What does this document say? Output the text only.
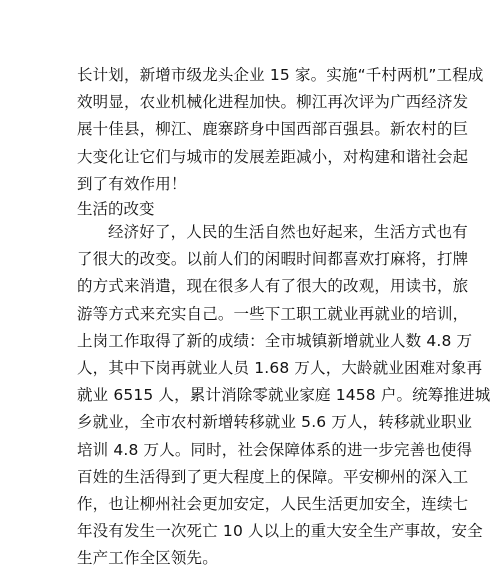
长计划，新增市级龙头企业 15 家。实施“千村两机”工程成
效明显，农业机械化进程加快。柳江再次评为广西经济发
展十佳县，柳江、鹿寨跻身中国西部百强县。新农村的巨
大变化让它们与城市的发展差距减小，对构建和谐社会起
到了有效作用！
生活的改变
经济好了，人民的生活自然也好起来，生活方式也有
了很大的改变。以前人们的闲暇时间都喜欢打麻将，打牌
的方式来消遣，现在很多人有了很大的改观，用读书，旅
游等方式来充实自己。一些下工职工就业再就业的培训，
上岗工作取得了新的成绩：全市城镇新增就业人数 4.8 万
人，其中下岗再就业人员 1.68 万人，大龄就业困难对象再
就业 6515 人，累计消除零就业家庭 1458 户。统筹推进城
乡就业，全市农村新增转移就业 5.6 万人，转移就业职业
培训 4.8 万人。同时，社会保障体系的进一步完善也使得
百姓的生活得到了更大程度上的保障。平安柳州的深入工
作，也让柳州社会更加安定，人民生活更加安全，连续七
年没有发生一次死亡 10 人以上的重大安全生产事故，安全
生产工作全区领先。
